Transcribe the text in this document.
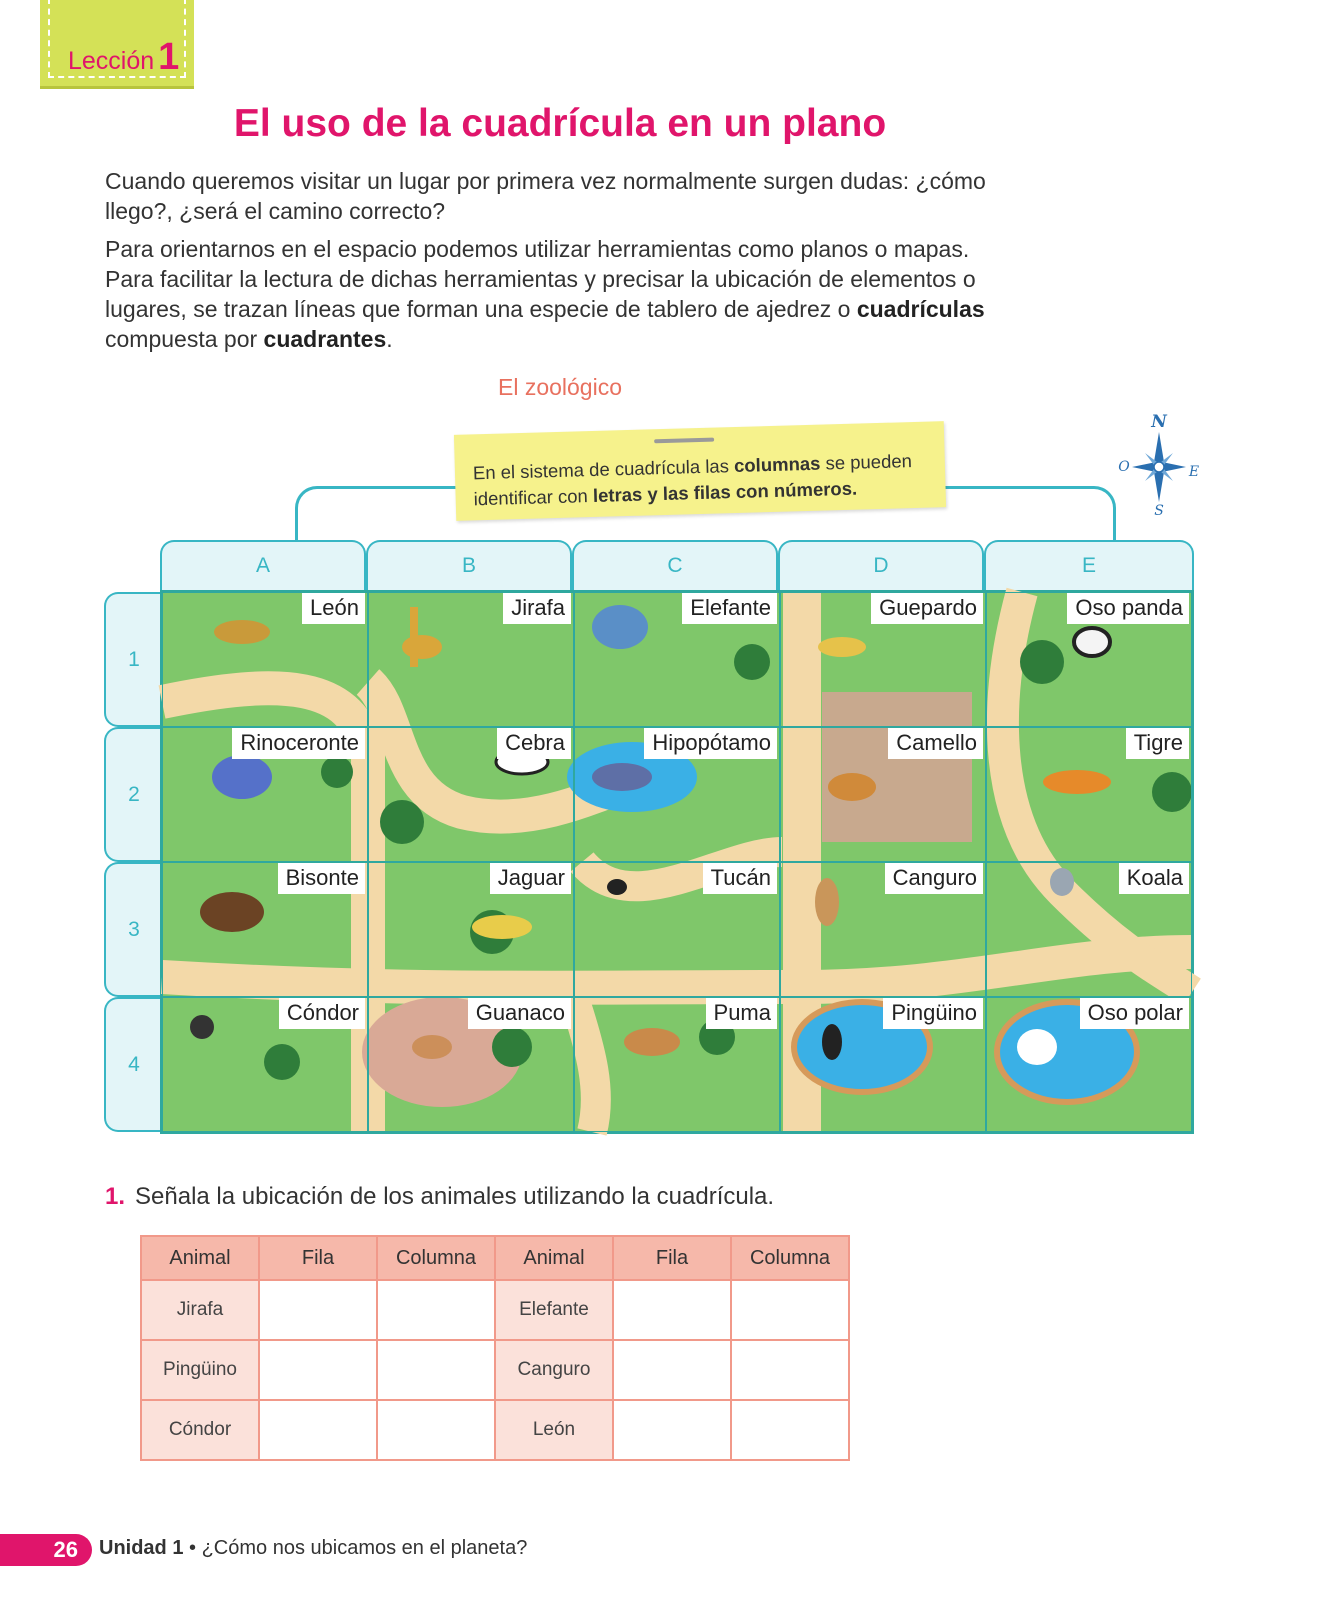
Lección 1
El uso de la cuadrícula en un plano
Cuando queremos visitar un lugar por primera vez normalmente surgen dudas: ¿cómo llego?, ¿será el camino correcto?
Para orientarnos en el espacio podemos utilizar herramientas como planos o mapas. Para facilitar la lectura de dichas herramientas y precisar la ubicación de elementos o lugares, se trazan líneas que forman una especie de tablero de ajedrez o cuadrículas compuesta por cuadrantes.
El zoológico
En el sistema de cuadrícula las columnas se pueden identificar con letras y las filas con números.
N
S
O	E
A	B	C	D	E
1
2
3
4
León	Jirafa	Elefante	Guepardo	Oso panda
Rinoceronte	Cebra	Hipopótamo	Camello	Tigre
Bisonte	Jaguar	Tucán	Canguro	Koala
Cóndor	Guanaco	Puma	Pingüino	Oso polar
1. Señala la ubicación de los animales utilizando la cuadrícula.
Animal	Fila	Columna	Animal	Fila	Columna
Jirafa			Elefante		
Pingüino			Canguro		
Cóndor			León		
26	Unidad 1 • ¿Cómo nos ubicamos en el planeta?
